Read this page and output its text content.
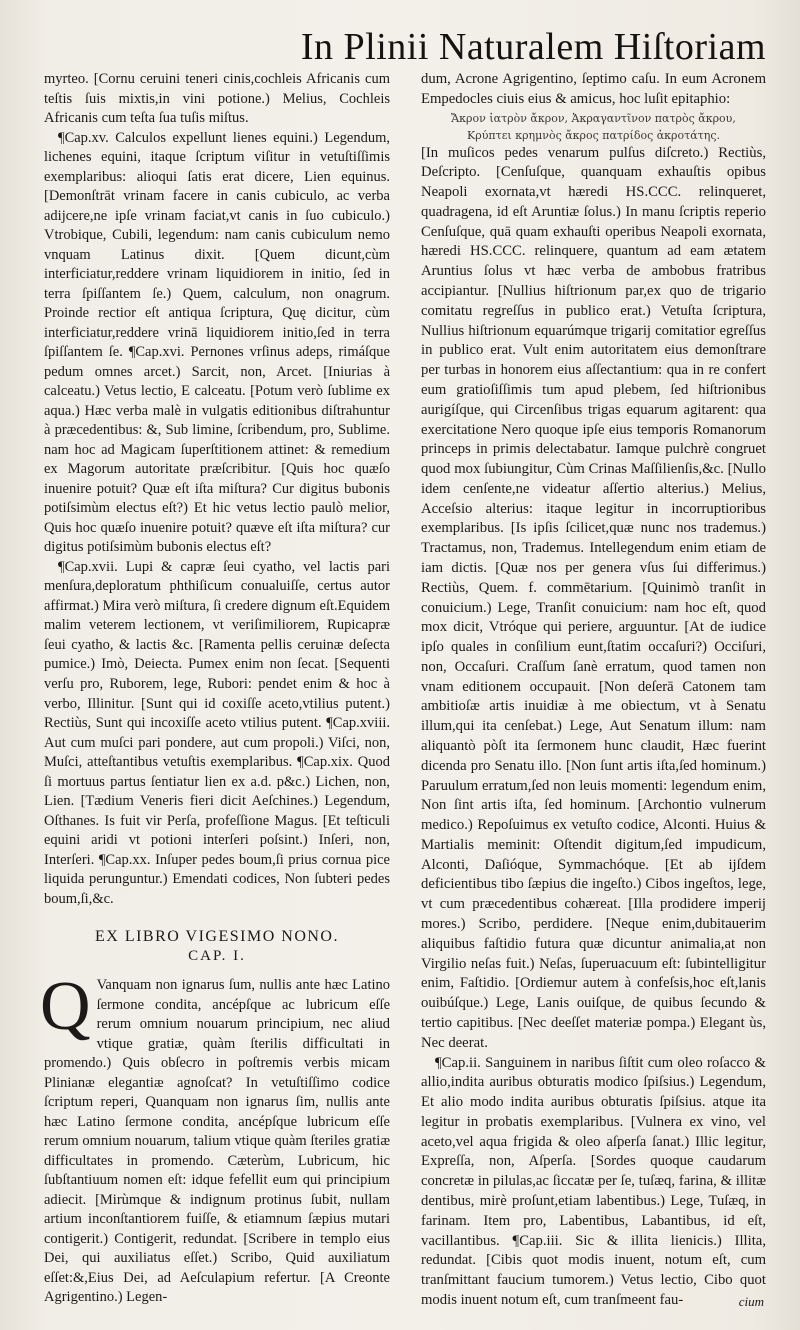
In Plinii Naturalem Hiſtoriam

myrteo. [Cornu ceruini teneri cinis,cochleis Africanis cum teſtis ſuis mixtis,in vini potione.) Melius, Cochleis Africanis cum teſta ſua tuſis miſtus.

¶Cap.xv. Calculos expellunt lienes equini.) Legendum, lichenes equini, itaque ſcriptum viſitur in vetuſtiſſimis exemplaribus: alioqui ſatis erat dicere, Lien equinus. [Demonſtrāt vrinam facere in canis cubiculo, ac verba adijcere,ne ipſe vrinam faciat,vt canis in ſuo cubiculo.) Vtrobique, Cubili, legendum: nam canis cubiculum nemo vnquam Latinus dixit. [Quem dicunt,cùm interficiatur,reddere vrinam liquidiorem in initio, ſed in terra ſpiſſantem ſe.) Quem, calculum, non onagrum. Proinde rectior eſt antiqua ſcriptura, Quę dicitur, cùm interficiatur,reddere vrinā liquidiorem initio,ſed in terra ſpiſſantem ſe. ¶Cap.xvi. Pernones vrſinus adeps, rimáſque pedum omnes arcet.) Sarcit, non, Arcet. [Iniurias à calceatu.) Vetus lectio, E calceatu. [Potum verò ſublime ex aqua.) Hæc verba malè in vulgatis editionibus diſtrahuntur à præcedentibus: &, Sub limine, ſcribendum, pro, Sublime. nam hoc ad Magicam ſuperſtitionem attinet: & remedium ex Magorum autoritate præſcribitur. [Quis hoc quæſo inuenire potuit? Quæ eſt iſta miſtura? Cur digitus bubonis potiſsimùm electus eſt?) Et hic vetus lectio paulò melior, Quis hoc quæſo inuenire potuit? quæve eſt iſta miſtura? cur digitus potiſsimùm bubonis electus eſt?

¶Cap.xvii. Lupi & capræ ſeui cyatho, vel lactis pari menſura,deploratum phthiſicum conualuiſſe, certus autor affirmat.) Mira verò miſtura, ſi credere dignum eſt.Equidem malim veterem lectionem, vt veriſimiliorem, Rupicapræ ſeui cyatho, & lactis &c. [Ramenta pellis ceruinæ deſecta pumice.) Imò, Deiecta. Pumex enim non ſecat. [Sequenti verſu pro, Ruborem, lege, Rubori: pendet enim & hoc à verbo, Illinitur. [Sunt qui id coxiſſe aceto,vtilius putent.) Rectiùs, Sunt qui incoxiſſe aceto vtilius putent. ¶Cap.xviii. Aut cum muſci pari pondere, aut cum propoli.) Viſci, non, Muſci, atteſtantibus vetuſtis exemplaribus. ¶Cap.xix. Quod ſi mortuus partus ſentiatur lien ex a.d. p&c.) Lichen, non, Lien. [Tædium Veneris fieri dicit Aeſchines.) Legendum, Oſthanes. Is fuit vir Perſa, profeſſione Magus. [Et teſticuli equini aridi vt potioni interſeri poſsint.) Inſeri, non, Interſeri. ¶Cap.xx. Inſuper pedes boum,ſi prius cornua pice liquida perunguntur.) Emendati codices, Non ſubteri pedes boum,ſi,&c.

EX LIBRO VIGESIMO NONO.

CAP. I.

Q Vanquam non ignarus ſum, nullis ante hæc Latino ſermone condita, ancépſque ac lubricum eſſe rerum omnium nouarum principium, nec aliud vtique gratiæ, quàm ſterilis difficultati in promendo.) Quis obſecro in poſtremis verbis micam Plinianæ elegantiæ agnoſcat? In vetuſtiſſimo codice ſcriptum reperi, Quanquam non ignarus ſim, nullis ante hæc Latino ſermone condita, ancépſque lubricum eſſe rerum omnium nouarum, talium vtique quàm ſteriles gratiæ difficultates in promendo. Cæterùm, Lubricum, hic ſubſtantiuum nomen eſt: idque fefellit eum qui principium adiecit. [Mirùmque & indignum protinus ſubit, nullam artium inconſtantiorem fuiſſe, & etiamnum ſæpius mutari contigerit.) Contigerit, redundat. [Scribere in templo eius Dei, qui auxiliatus eſſet.) Scribo, Quid auxiliatum eſſet:&,Eius Dei, ad Aeſculapium refertur. [A Creonte Agrigentino.) Legen-

dum, Acrone Agrigentino, ſeptimo caſu. In eum Acronem Empedocles ciuis eius & amicus, hoc luſit epitaphio:

Ἄκρον ἰατρὸν ἄκρον, Ἀκραγαντῖνον πατρὸς ἄκρου,

Κρύπτει κρημνὸς ἄκρος πατρίδος ἀκροτάτης.

[In muſicos pedes venarum pulſus diſcreto.) Rectiùs, Deſcripto. [Cenſuſque, quanquam exhauſtis opibus Neapoli exornata,vt hæredi HS.CCC. relinqueret, quadragena, id eſt Aruntiæ ſolus.) In manu ſcriptis reperio Cenſuſque, quā quam exhauſti operibus Neapoli exornata, hæredi HS.CCC. relinquere, quantum ad eam ætatem Aruntius ſolus vt hæc verba de ambobus fratribus accipiantur. [Nullius hiſtrionum par,ex quo de trigario comitatu regreſſus in publico erat.) Vetuſta ſcriptura, Nullius hiſtrionum equarúmque trigarij comitatior egreſſus in publico erat. Vult enim autoritatem eius demonſtrare per turbas in honorem eius aſſectantium: qua in re confert eum gratioſiſſimis tum apud plebem, ſed hiſtrionibus aurigíſque, qui Circenſibus trigas equarum agitarent: qua exercitatione Nero quoque ipſe eius temporis Romanorum princeps in primis delectabatur. Iamque pulchrè congruet quod mox ſubiungitur, Cùm Crinas Maſſilienſis,&c. [Nullo idem cenſente,ne videatur aſſertio alterius.) Melius, Acceſsio alterius: itaque legitur in incorruptioribus exemplaribus. [Is ipſis ſcilicet,quæ nunc nos trademus.) Tractamus, non, Trademus. Intellegendum enim etiam de iam dictis. [Quæ nos per genera vſus ſui differimus.) Rectiùs, Quem. f. commētarium. [Quinimò tranſit in conuicium.) Lege, Tranſit conuicium: nam hoc eſt, quod mox dicit, Vtróque qui periere, arguuntur. [At de iudice ipſo quales in conſilium eunt,ſtatim occaſuri?) Occiſuri, non, Occaſuri. Craſſum ſanè erratum, quod tamen non vnam editionem occupauit. [Non deſerā Catonem tam ambitioſæ artis inuidiæ à me obiectum, vt à Senatu illum,qui ita cenſebat.) Lege, Aut Senatum illum: nam aliquantò pòſt ita ſermonem hunc claudit, Hæc fuerint dicenda pro Senatu illo. [Non ſunt artis iſta,ſed hominum.) Paruulum erratum,ſed non leuis momenti: legendum enim, Non ſint artis iſta, ſed hominum. [Archontio vulnerum medico.) Repoſuimus ex vetuſto codice, Alconti. Huius & Martialis meminit: Oſtendit digitum,ſed impudicum, Alconti, Daſióque, Symmachóque. [Et ab ijſdem deficientibus tibo ſæpius die ingeſto.) Cibos ingeſtos, lege, vt cum præcedentibus cohæreat. [Illa prodidere imperij mores.) Scribo, perdidere. [Neque enim,dubitauerim aliquibus faſtidio futura quæ dicuntur animalia,at non Virgilio neſas fuit.) Neſas, ſuperuacuum eſt: ſubintelligitur enim, Faſtidio. [Ordiemur autem à confeſsis,hoc eſt,lanis ouibúſque.) Lege, Lanis ouiſque, de quibus ſecundo & tertio capitibus. [Nec deeſſet materiæ pompa.) Elegant ùs, Nec deerat.

¶Cap.ii. Sanguinem in naribus ſiſtit cum oleo roſacco & allio,indita auribus obturatis modico ſpiſsius.) Legendum, Et alio modo indita auribus obturatis ſpiſsius. atque ita legitur in probatis exemplaribus. [Vulnera ex vino, vel aceto,vel aqua frigida & oleo aſperſa ſanat.) Illic legitur, Expreſſa, non, Aſperſa. [Sordes quoque caudarum concretæ in pilulas,ac ſiccatæ per ſe, tuſæq, farina, & illitæ dentibus, mirè proſunt,etiam labentibus.) Lege, Tuſæq, in farinam. Item pro, Labentibus, Labantibus, id eſt, vacillantibus. ¶Cap.iii. Sic & illita lienicis.) Illita, redundat. [Cibis quot modis inuent, notum eſt, cum tranſmittant faucium tumorem.) Vetus lectio, Cibo quot modis inuent notum eſt, cum tranſmeent fau-	cium
